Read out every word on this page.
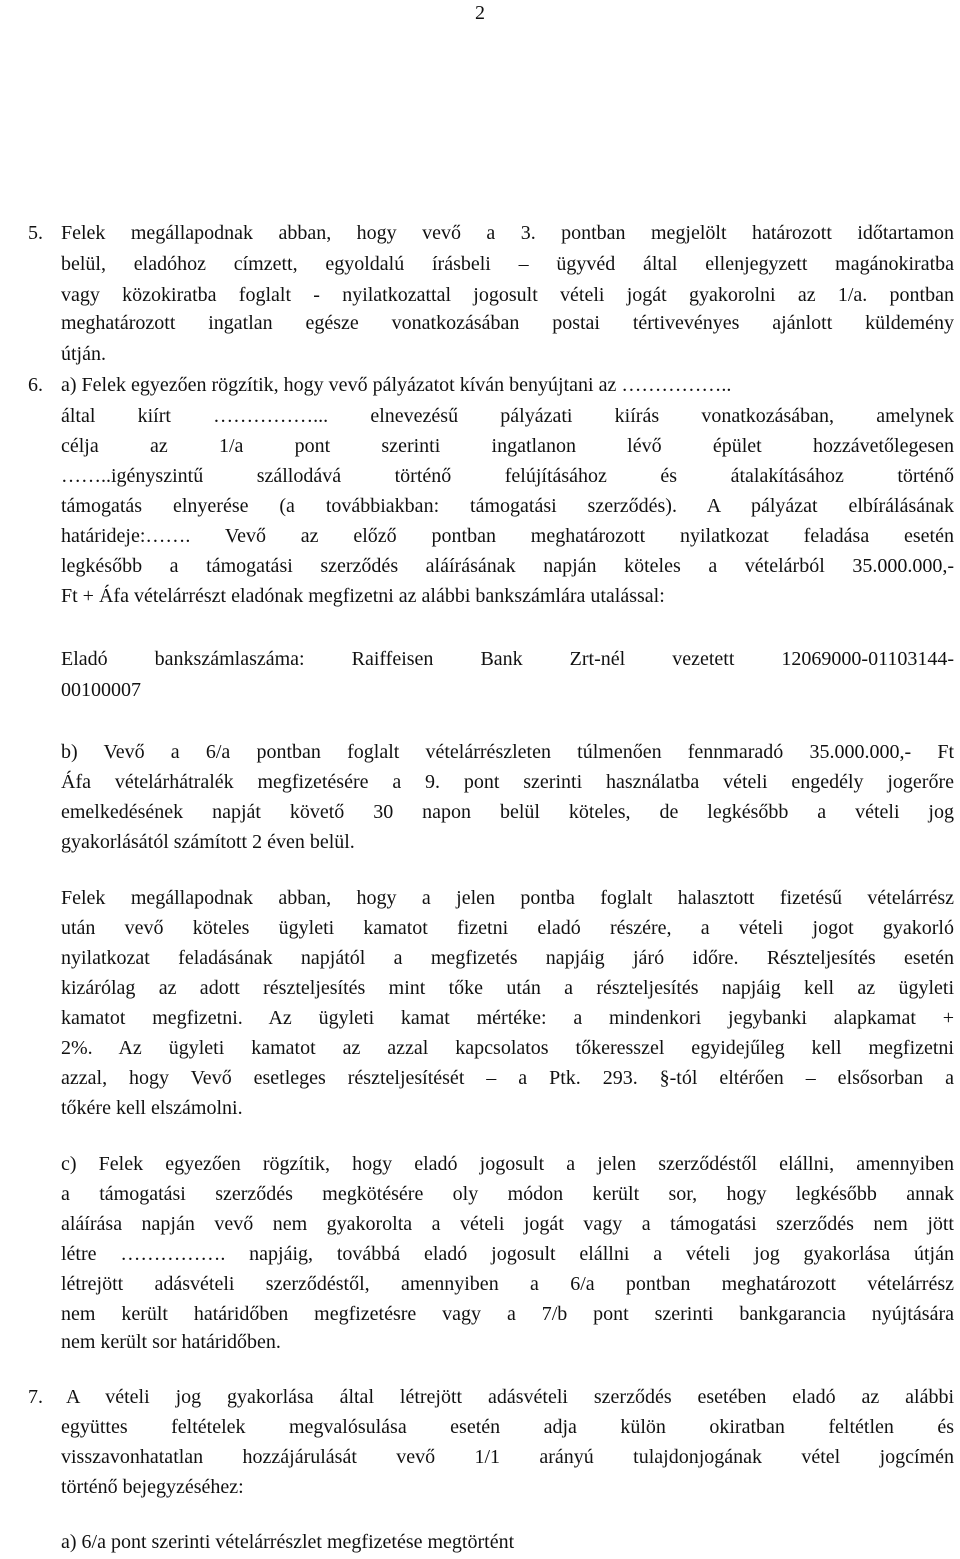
2
5. Felek megállapodnak abban, hogy vevő a 3. pontban megjelölt határozott időtartamon
belül, eladóhoz címzett, egyoldalú írásbeli – ügyvéd által ellenjegyzett magánokiratba
vagy közokiratba foglalt - nyilatkozattal jogosult vételi jogát gyakorolni az 1/a. pontban
meghatározott ingatlan egésze vonatkozásában postai tértivevényes ajánlott küldemény
útján.
6. a) Felek egyezően rögzítik, hogy vevő pályázatot kíván benyújtani az ……………..
által kiírt ……………... elnevezésű pályázati kiírás vonatkozásában, amelynek
célja az 1/a pont szerinti ingatlanon lévő épület hozzávetőlegesen
……..igényszintű szállodává történő felújításához és átalakításához történő
támogatás elnyerése (a továbbiakban: támogatási szerződés). A pályázat elbírálásának
határideje:……. Vevő az előző pontban meghatározott nyilatkozat feladása esetén
legkésőbb a támogatási szerződés aláírásának napján köteles a vételárból 35.000.000,-
Ft + Áfa vételárrészt eladónak megfizetni az alábbi bankszámlára utalással:
Eladó bankszámlaszáma: Raiffeisen Bank Zrt-nél vezetett 12069000-01103144-
00100007
b) Vevő a 6/a pontban foglalt vételárrészleten túlmenően fennmaradó 35.000.000,- Ft
Áfa vételárhátralék megfizetésére a 9. pont szerinti használatba vételi engedély jogerőre
emelkedésének napját követő 30 napon belül köteles, de legkésőbb a vételi jog
gyakorlásától számított 2 éven belül.
Felek megállapodnak abban, hogy a jelen pontba foglalt halasztott fizetésű vételárrész
után vevő köteles ügyleti kamatot fizetni eladó részére, a vételi jogot gyakorló
nyilatkozat feladásának napjától a megfizetés napjáig járó időre. Részteljesítés esetén
kizárólag az adott részteljesítés mint tőke után a részteljesítés napjáig kell az ügyleti
kamatot megfizetni. Az ügyleti kamat mértéke: a mindenkori jegybanki alapkamat +
2%. Az ügyleti kamatot az azzal kapcsolatos tőkeresszel egyidejűleg kell megfizetni
azzal, hogy Vevő esetleges részteljesítését – a Ptk. 293. §-tól eltérően – elsősorban a
tőkére kell elszámolni.
c) Felek egyezően rögzítik, hogy eladó jogosult a jelen szerződéstől elállni, amennyiben
a támogatási szerződés megkötésére oly módon került sor, hogy legkésőbb annak
aláírása napján vevő nem gyakorolta a vételi jogát vagy a támogatási szerződés nem jött
létre ……………. napjáig, továbbá eladó jogosult elállni a vételi jog gyakorlása útján
létrejött adásvételi szerződéstől, amennyiben a 6/a pontban meghatározott vételárrész
nem került határidőben megfizetésre vagy a 7/b pont szerinti bankgarancia nyújtására
nem került sor határidőben.
7. A vételi jog gyakorlása által létrejött adásvételi szerződés esetében eladó az alábbi
együttes feltételek megvalósulása esetén adja külön okiratban feltétlen és
visszavonhatatlan hozzájárulását vevő 1/1 arányú tulajdonjogának vétel jogcímén
történő bejegyzéséhez:
a) 6/a pont szerinti vételárrészlet megfizetése megtörtént
